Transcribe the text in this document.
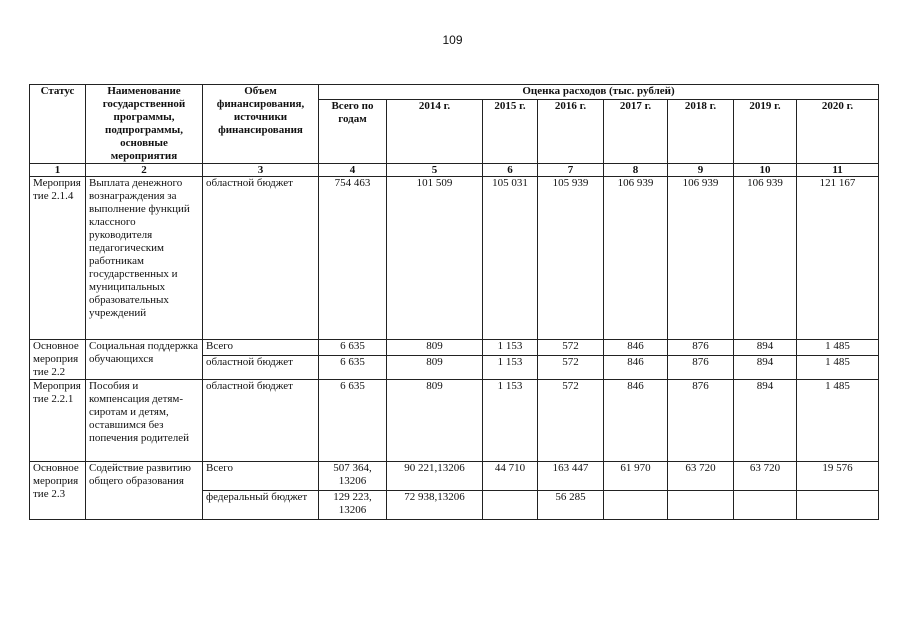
109
Статус	Наименование государственной программы, подпрограммы, основные мероприятия	Объем финансирования, источники финансирования	Оценка расходов (тыс. рублей)							
			Всего по годам	2014 г.	2015 г.	2016 г.	2017 г.	2018 г.	2019 г.	2020 г.
1	2	3	4	5	6	7	8	9	10	11
Мероприя тие 2.1.4	Выплата денежного вознаграждения за выполнение функций классного руководителя педагогическим работникам государственных и муниципальных образовательных учреждений	областной бюджет	754 463	101 509	105 031	105 939	106 939	106 939	106 939	121 167
Основное мероприя тие 2.2	Социальная поддержка обучающихся	Всего	6 635	809	1 153	572	846	876	894	1 485
		областной бюджет	6 635	809	1 153	572	846	876	894	1 485
Мероприя тие 2.2.1	Пособия и компенсация детям-сиротам и детям, оставшимся без попечения родителей	областной бюджет	6 635	809	1 153	572	846	876	894	1 485
Основное мероприя тие 2.3	Содействие развитию общего образования	Всего	507 364, 13206	90 221,13206	44 710	163 447	61 970	63 720	63 720	19 576
		федеральный бюджет	129 223, 13206	72 938,13206		56 285				
